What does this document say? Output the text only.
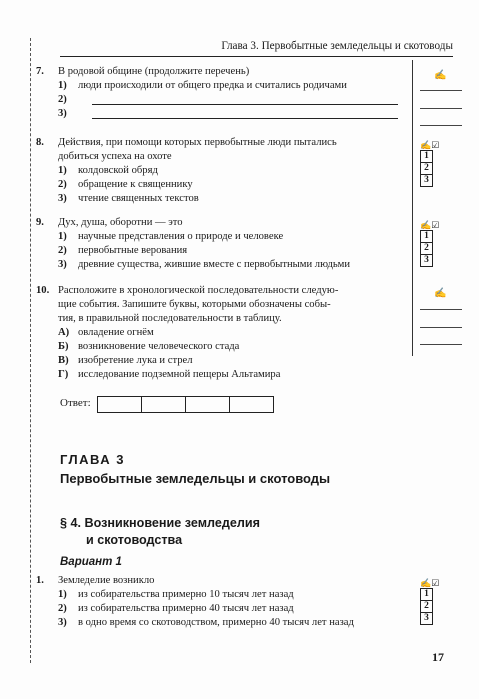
Глава 3. Первобытные земледельцы и скотоводы
7.	В родовой общине (продолжите перечень)
1) люди происходили от общего предка и считались родичами
2)
3)
✍
8.	Действия, при помощи которых первобытные люди пытались
добиться успеха на охоте
1) колдовской обряд
2) обращение к священнику
3) чтение священных текстов
✍☑
1
2
3
9.	Дух, душа, оборотни — это
1) научные представления о природе и человеке
2) первобытные верования
3) древние существа, жившие вместе с первобытными людьми
✍☑
1
2
3
10. Расположите в хронологической последовательности следую-
щие события. Запишите буквы, которыми обозначены собы-
тия, в правильной последовательности в таблицу.
А) овладение огнём
Б) возникновение человеческого стада
В) изобретение лука и стрел
Г) исследование подземной пещеры Альтамира
✍
Ответ:
ГЛАВА 3
Первобытные земледельцы и скотоводы
§ 4. Возникновение земледелия
и скотоводства
Вариант 1
1.	Земледелие возникло
1) из собирательства примерно 10 тысяч лет назад
2) из собирательства примерно 40 тысяч лет назад
3) в одно время со скотоводством, примерно 40 тысяч лет назад
✍☑
1
2
3
17
